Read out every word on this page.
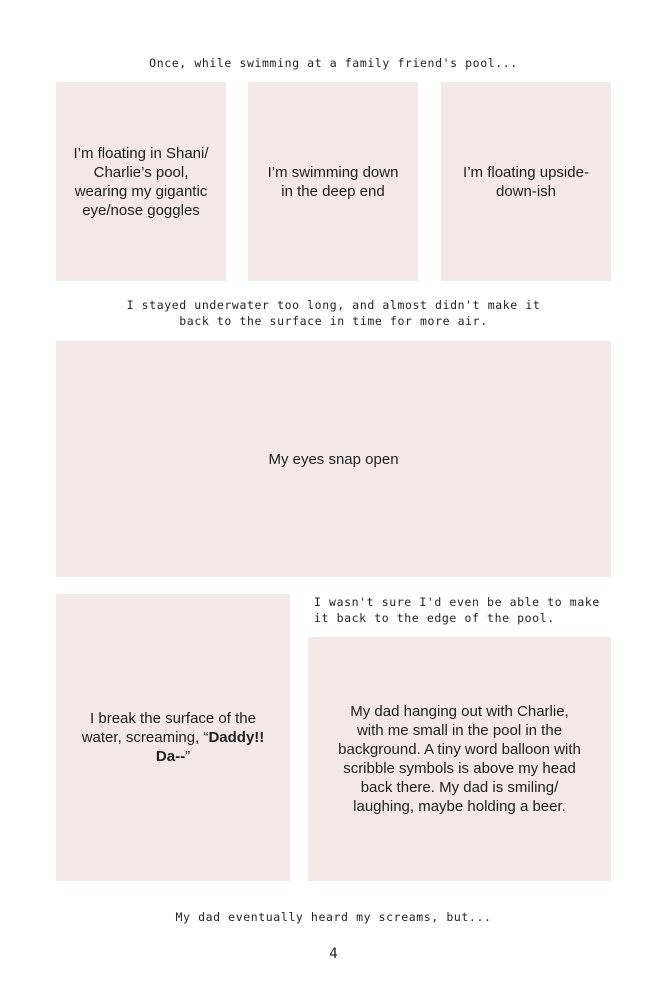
Once, while swimming at a family friend's pool...
I’m floating in Shani/ Charlie’s pool, wearing my gigantic eye/nose goggles
I’m swimming down in the deep end
I’m floating upside-down-ish
I stayed underwater too long, and almost didn't make it back to the surface in time for more air.
My eyes snap open
I break the surface of the water, screaming, “Daddy!! Da--”
I wasn't sure I'd even be able to make it back to the edge of the pool.
My dad hanging out with Charlie, with me small in the pool in the background. A tiny word balloon with scribble symbols is above my head back there. My dad is smiling/ laughing, maybe holding a beer.
My dad eventually heard my screams, but...
4
